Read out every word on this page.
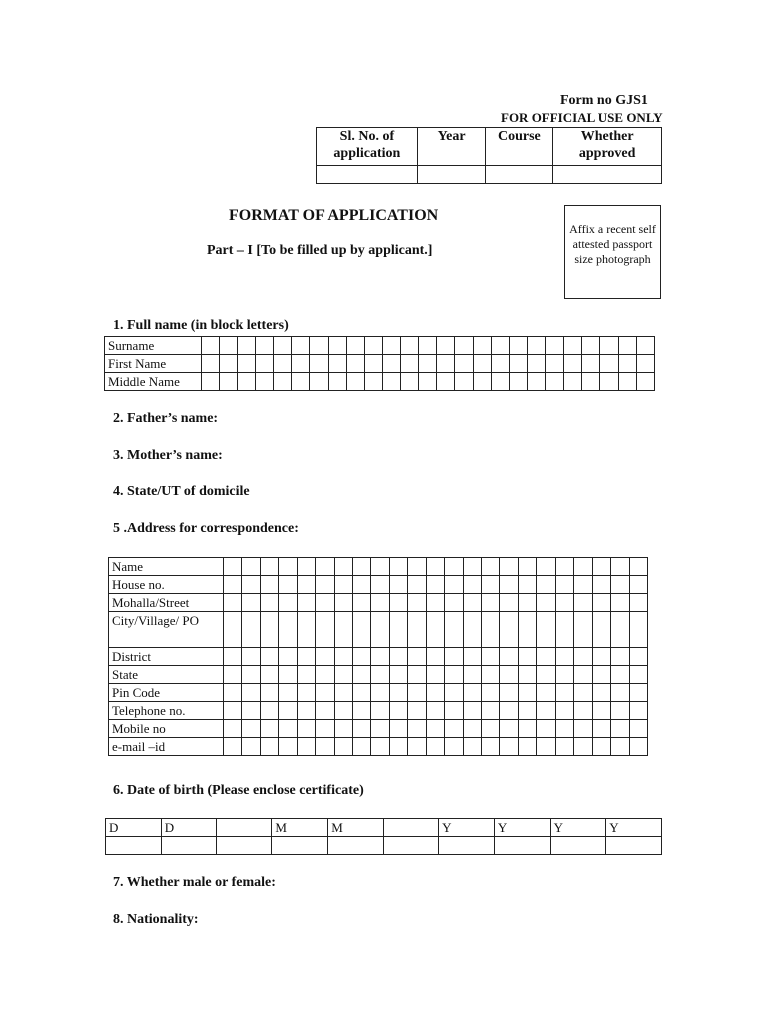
Form no GJS1
FOR OFFICIAL USE ONLY
Sl. No. of application	Year	Course	Whether approved

FORMAT OF APPLICATION
Part – I [To be filled up by applicant.]
Affix a recent self attested passport size photograph
1. Full name (in block letters)
Surname																									
First Name																									
Middle Name																									
2. Father’s name:
3. Mother’s name:
4. State/UT of domicile
5 .Address for correspondence:
Name																							
House no.																							
Mohalla/Street																							
City/Village/ PO																							
District																							
State																							
Pin Code																							
Telephone no.																							
Mobile no																							
e-mail –id																							
6. Date of birth (Please enclose certificate)
D	D		M	M		Y	Y	Y	Y

7. Whether male or female:
8. Nationality:
